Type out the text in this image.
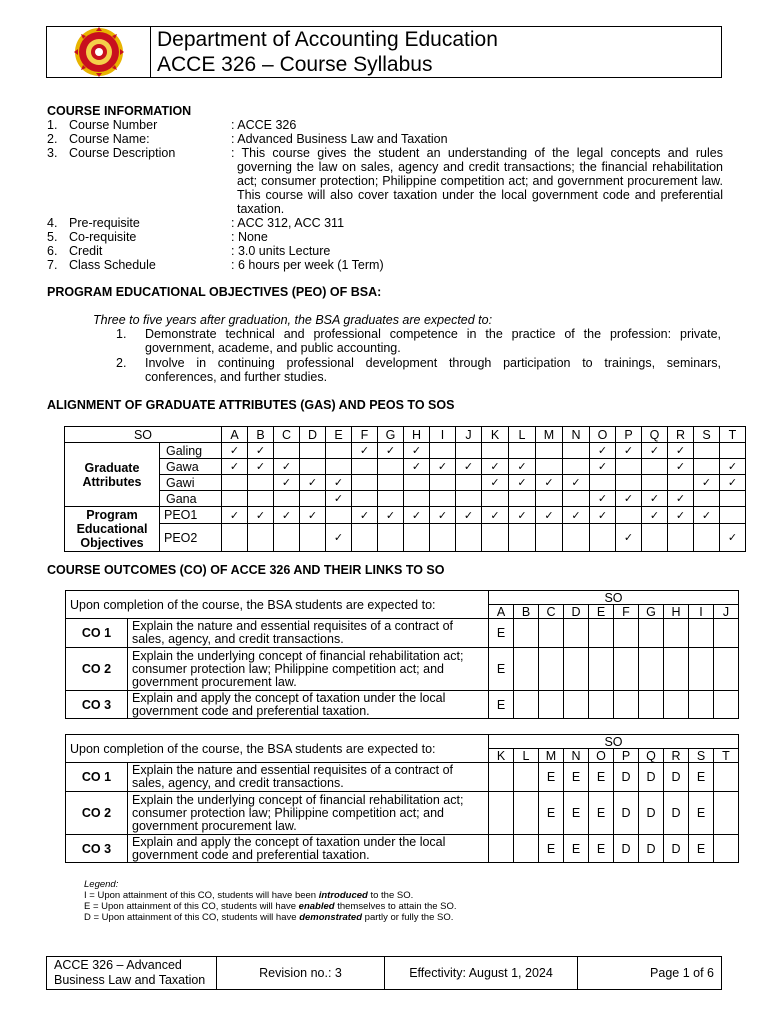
Department of Accounting Education
ACCE 326 – Course Syllabus
COURSE INFORMATION
1. Course Number	: ACCE 326
2. Course Name:	: Advanced Business Law and Taxation
3. Course Description	: This course gives the student an understanding of the legal concepts and rules governing the law on sales, agency and credit transactions; the financial rehabilitation act; consumer protection; Philippine competition act; and government procurement law. This course will also cover taxation under the local government code and preferential taxation.
4. Pre-requisite	: ACC 312, ACC 311
5. Co-requisite	: None
6. Credit	: 3.0 units Lecture
7. Class Schedule	: 6 hours per week (1 Term)
PROGRAM EDUCATIONAL OBJECTIVES (PEO) OF BSA:
Three to five years after graduation, the BSA graduates are expected to:
1.	Demonstrate technical and professional competence in the practice of the profession: private, government, academe, and public accounting.
2.	Involve in continuing professional development through participation to trainings, seminars, conferences, and further studies.
ALIGNMENT OF GRADUATE ATTRIBUTES (GAS) AND PEOS TO SOS
SO		A	B	C	D	E	F	G	H	I	J	K	L	M	N	O	P	Q	R	S	T
Graduate Attributes	Galing	✓	✓				✓	✓	✓							✓	✓	✓	✓		
	Gawa	✓	✓	✓					✓	✓	✓	✓	✓			✓			✓		✓
	Gawi			✓	✓	✓						✓	✓	✓	✓					✓	✓
	Gana					✓										✓	✓	✓	✓		
Program Educational Objectives	PEO1	✓	✓	✓	✓		✓	✓	✓	✓	✓	✓	✓	✓	✓	✓		✓	✓	✓	
	PEO2					✓											✓				✓
COURSE OUTCOMES (CO) OF ACCE 326 AND THEIR LINKS TO SO
Upon completion of the course, the BSA students are expected to:		SO									
		A	B	C	D	E	F	G	H	I	J
CO 1	Explain the nature and essential requisites of a contract of sales, agency, and credit transactions.	E									
CO 2	Explain the underlying concept of financial rehabilitation act; consumer protection law; Philippine competition act; and government procurement law.	E									
CO 3	Explain and apply the concept of taxation under the local government code and preferential taxation.	E									
Upon completion of the course, the BSA students are expected to:		SO									
		K	L	M	N	O	P	Q	R	S	T
CO 1	Explain the nature and essential requisites of a contract of sales, agency, and credit transactions.			E	E	E	D	D	D	E	
CO 2	Explain the underlying concept of financial rehabilitation act; consumer protection law; Philippine competition act; and government procurement law.			E	E	E	D	D	D	E	
CO 3	Explain and apply the concept of taxation under the local government code and preferential taxation.			E	E	E	D	D	D	E	
Legend:
I = Upon attainment of this CO, students will have been introduced to the SO.
E = Upon attainment of this CO, students will have enabled themselves to attain the SO.
D = Upon attainment of this CO, students will have demonstrated partly or fully the SO.
ACCE 326 – Advanced Business Law and Taxation	Revision no.: 3	Effectivity: August 1, 2024	Page 1 of 6
